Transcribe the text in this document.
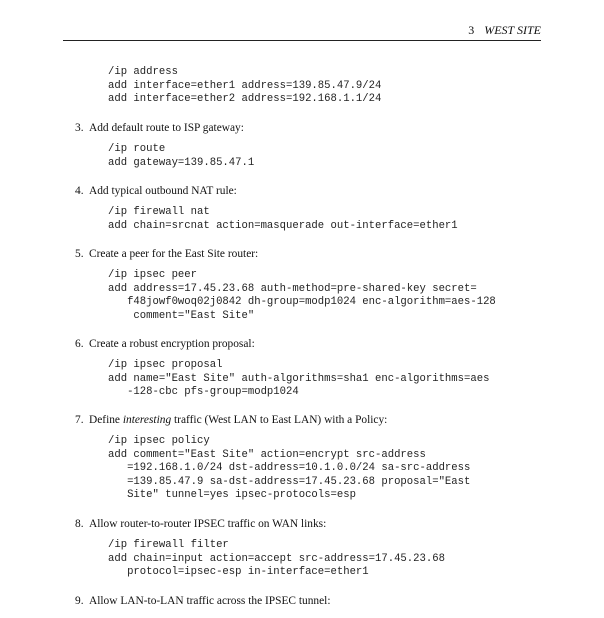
3 WEST SITE
/ip address
add interface=ether1 address=139.85.47.9/24
add interface=ether2 address=192.168.1.1/24
3. Add default route to ISP gateway:
/ip route
add gateway=139.85.47.1
4. Add typical outbound NAT rule:
/ip firewall nat
add chain=srcnat action=masquerade out-interface=ether1
5. Create a peer for the East Site router:
/ip ipsec peer
add address=17.45.23.68 auth-method=pre-shared-key secret=
f48jowf0woq02j0842 dh-group=modp1024 enc-algorithm=aes-128
comment="East Site"
6. Create a robust encryption proposal:
/ip ipsec proposal
add name="East Site" auth-algorithms=sha1 enc-algorithms=aes
-128-cbc pfs-group=modp1024
7. Define interesting traffic (West LAN to East LAN) with a Policy:
/ip ipsec policy
add comment="East Site" action=encrypt src-address
=192.168.1.0/24 dst-address=10.1.0.0/24 sa-src-address
=139.85.47.9 sa-dst-address=17.45.23.68 proposal="East
Site" tunnel=yes ipsec-protocols=esp
8. Allow router-to-router IPSEC traffic on WAN links:
/ip firewall filter
add chain=input action=accept src-address=17.45.23.68
protocol=ipsec-esp in-interface=ether1
9. Allow LAN-to-LAN traffic across the IPSEC tunnel:
